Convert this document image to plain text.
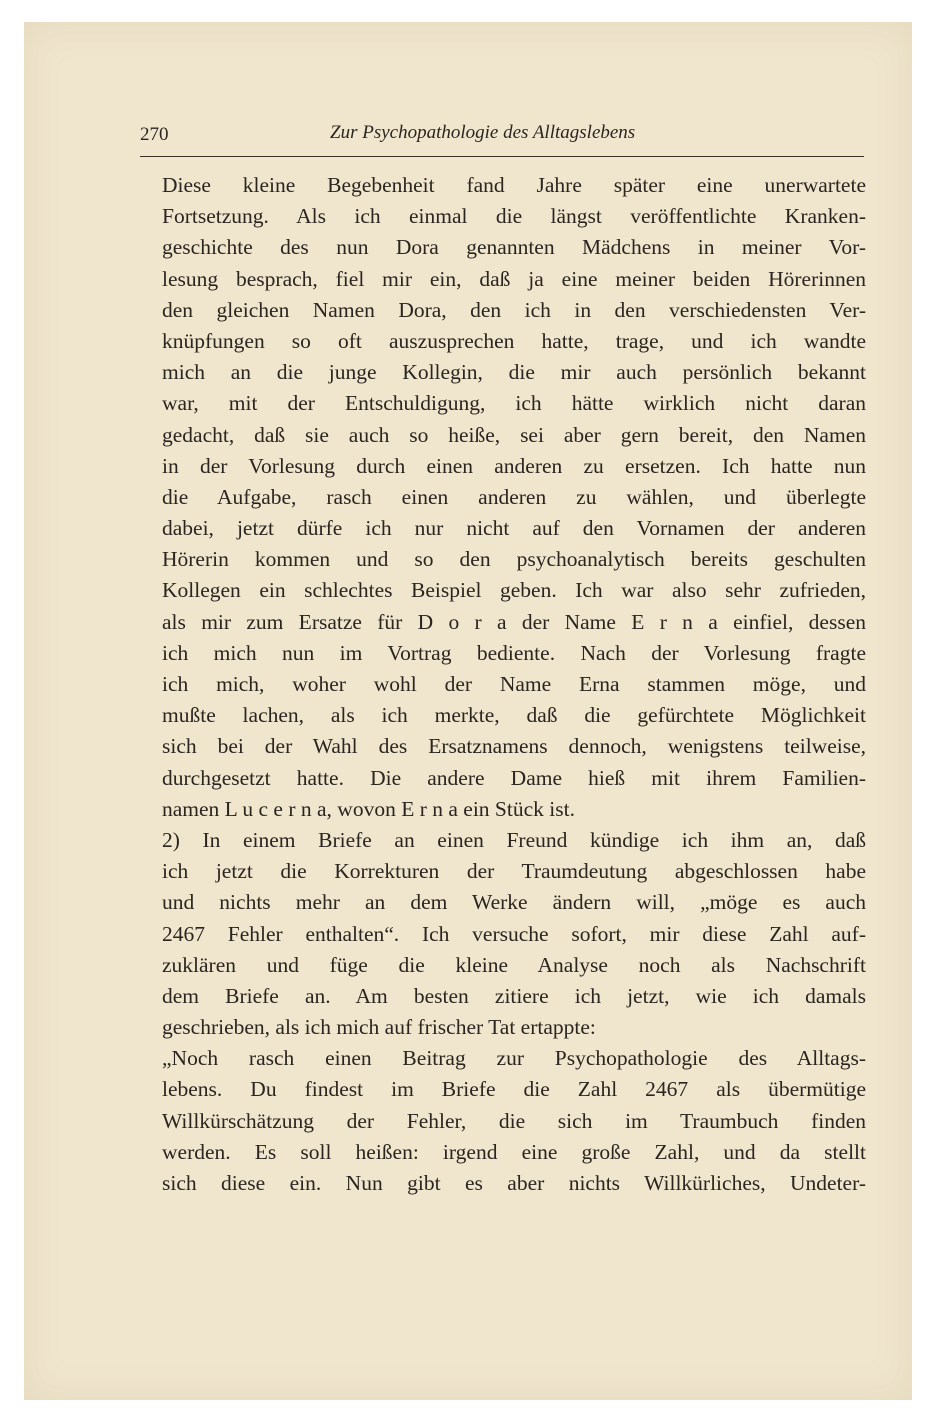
270	Zur Psychopathologie des Alltagslebens
Diese kleine Begebenheit fand Jahre später eine unerwartete
Fortsetzung. Als ich einmal die längst veröffentlichte Kranken-
geschichte des nun Dora genannten Mädchens in meiner Vor-
lesung besprach, fiel mir ein, daß ja eine meiner beiden Hörerinnen
den gleichen Namen Dora, den ich in den verschiedensten Ver-
knüpfungen so oft auszusprechen hatte, trage, und ich wandte
mich an die junge Kollegin, die mir auch persönlich bekannt
war, mit der Entschuldigung, ich hätte wirklich nicht daran
gedacht, daß sie auch so heiße, sei aber gern bereit, den Namen
in der Vorlesung durch einen anderen zu ersetzen. Ich hatte nun
die Aufgabe, rasch einen anderen zu wählen, und überlegte
dabei, jetzt dürfe ich nur nicht auf den Vornamen der anderen
Hörerin kommen und so den psychoanalytisch bereits geschulten
Kollegen ein schlechtes Beispiel geben. Ich war also sehr zufrieden,
als mir zum Ersatze für D o r a der Name E r n a einfiel, dessen
ich mich nun im Vortrag bediente. Nach der Vorlesung fragte
ich mich, woher wohl der Name Erna stammen möge, und
mußte lachen, als ich merkte, daß die gefürchtete Möglichkeit
sich bei der Wahl des Ersatznamens dennoch, wenigstens teilweise,
durchgesetzt hatte. Die andere Dame hieß mit ihrem Familien-
namen L u c e r n a, wovon E r n a ein Stück ist.
2) In einem Briefe an einen Freund kündige ich ihm an, daß
ich jetzt die Korrekturen der Traumdeutung abgeschlossen habe
und nichts mehr an dem Werke ändern will, „möge es auch
2467 Fehler enthalten“. Ich versuche sofort, mir diese Zahl auf-
zuklären und füge die kleine Analyse noch als Nachschrift
dem Briefe an. Am besten zitiere ich jetzt, wie ich damals
geschrieben, als ich mich auf frischer Tat ertappte:
„Noch rasch einen Beitrag zur Psychopathologie des Alltags-
lebens. Du findest im Briefe die Zahl 2467 als übermütige
Willkürschätzung der Fehler, die sich im Traumbuch finden
werden. Es soll heißen: irgend eine große Zahl, und da stellt
sich diese ein. Nun gibt es aber nichts Willkürliches, Undeter-
